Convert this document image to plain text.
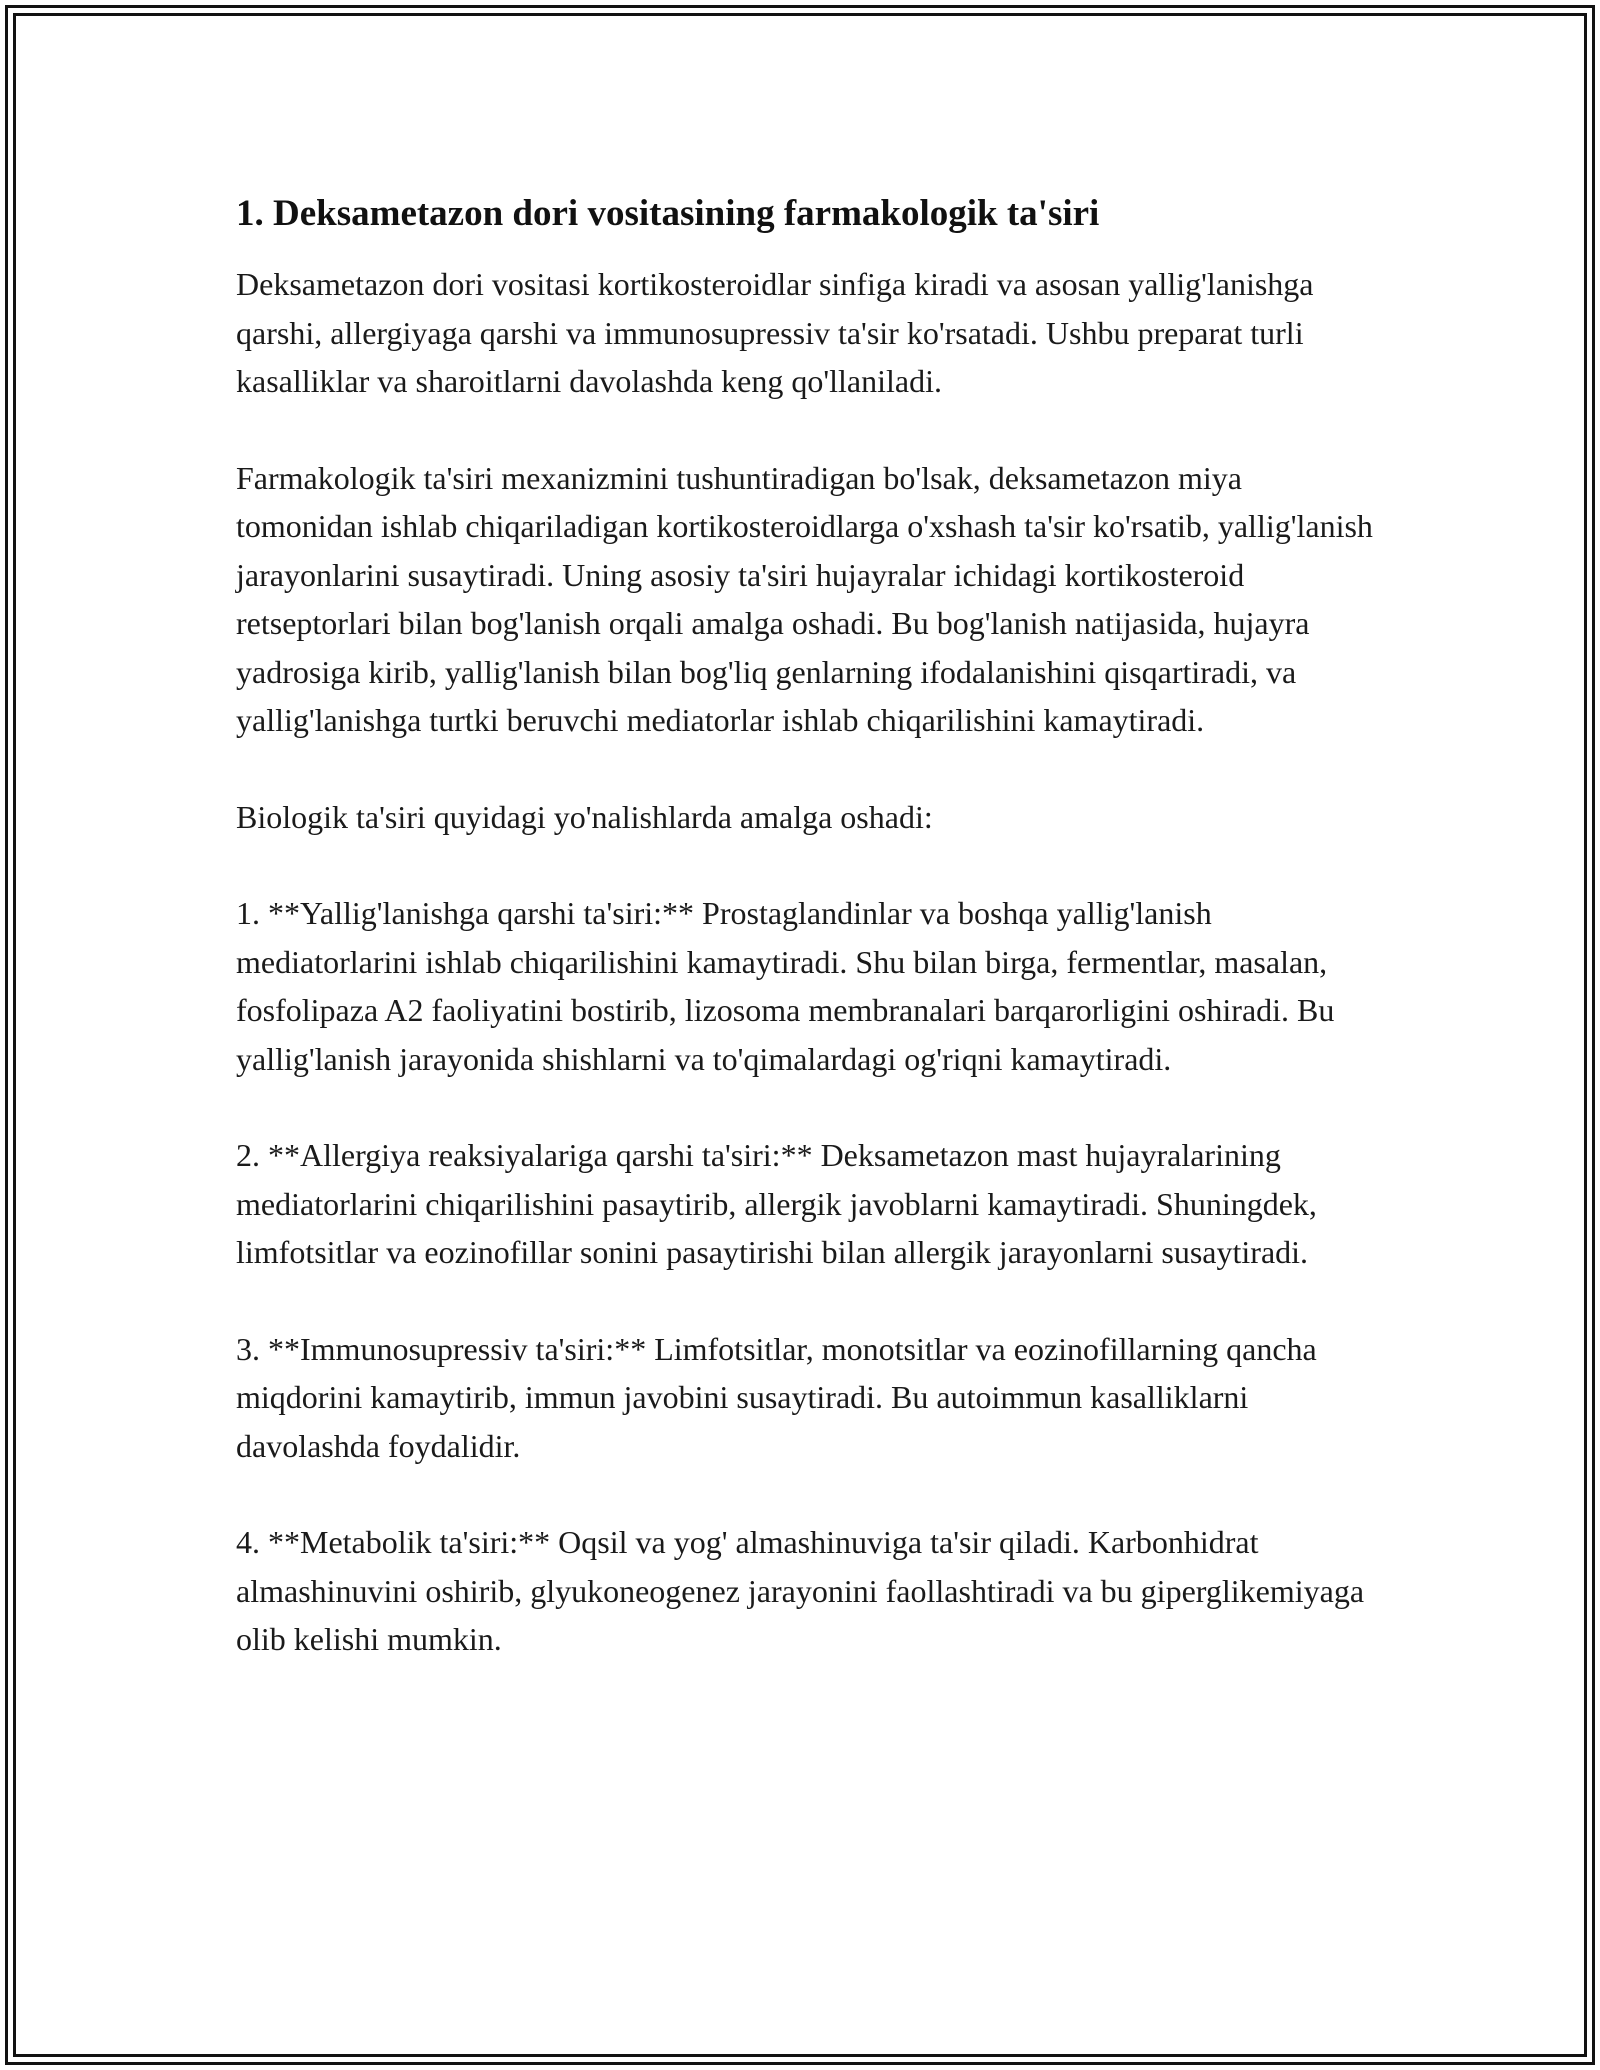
1. Deksametazon dori vositasining farmakologik ta'siri

Deksametazon dori vositasi kortikosteroidlar sinfiga kiradi va asosan yallig'lanishga qarshi, allergiyaga qarshi va immunosupressiv ta'sir ko'rsatadi. Ushbu preparat turli kasalliklar va sharoitlarni davolashda keng qo'llaniladi.

Farmakologik ta'siri mexanizmini tushuntiradigan bo'lsak, deksametazon miya tomonidan ishlab chiqariladigan kortikosteroidlarga o'xshash ta'sir ko'rsatib, yallig'lanish jarayonlarini susaytiradi. Uning asosiy ta'siri hujayralar ichidagi kortikosteroid retseptorlari bilan bog'lanish orqali amalga oshadi. Bu bog'lanish natijasida, hujayra yadrosiga kirib, yallig'lanish bilan bog'liq genlarning ifodalanishini qisqartiradi, va yallig'lanishga turtki beruvchi mediatorlar ishlab chiqarilishini kamaytiradi.

Biologik ta'siri quyidagi yo'nalishlarda amalga oshadi:

1. **Yallig'lanishga qarshi ta'siri:** Prostaglandinlar va boshqa yallig'lanish mediatorlarini ishlab chiqarilishini kamaytiradi. Shu bilan birga, fermentlar, masalan, fosfolipaza A2 faoliyatini bostirib, lizosoma membranalari barqarorligini oshiradi. Bu yallig'lanish jarayonida shishlarni va to'qimalardagi og'riqni kamaytiradi.

2. **Allergiya reaksiyalariga qarshi ta'siri:** Deksametazon mast hujayralarining mediatorlarini chiqarilishini pasaytirib, allergik javoblarni kamaytiradi. Shuningdek, limfotsitlar va eozinofillar sonini pasaytirishi bilan allergik jarayonlarni susaytiradi.

3. **Immunosupressiv ta'siri:** Limfotsitlar, monotsitlar va eozinofillarning qancha miqdorini kamaytirib, immun javobini susaytiradi. Bu autoimmun kasalliklarni davolashda foydalidir.

4. **Metabolik ta'siri:** Oqsil va yog' almashinuviga ta'sir qiladi. Karbonhidrat almashinuvini oshirib, glyukoneogenez jarayonini faollashtiradi va bu giperglikemiyaga olib kelishi mumkin.
